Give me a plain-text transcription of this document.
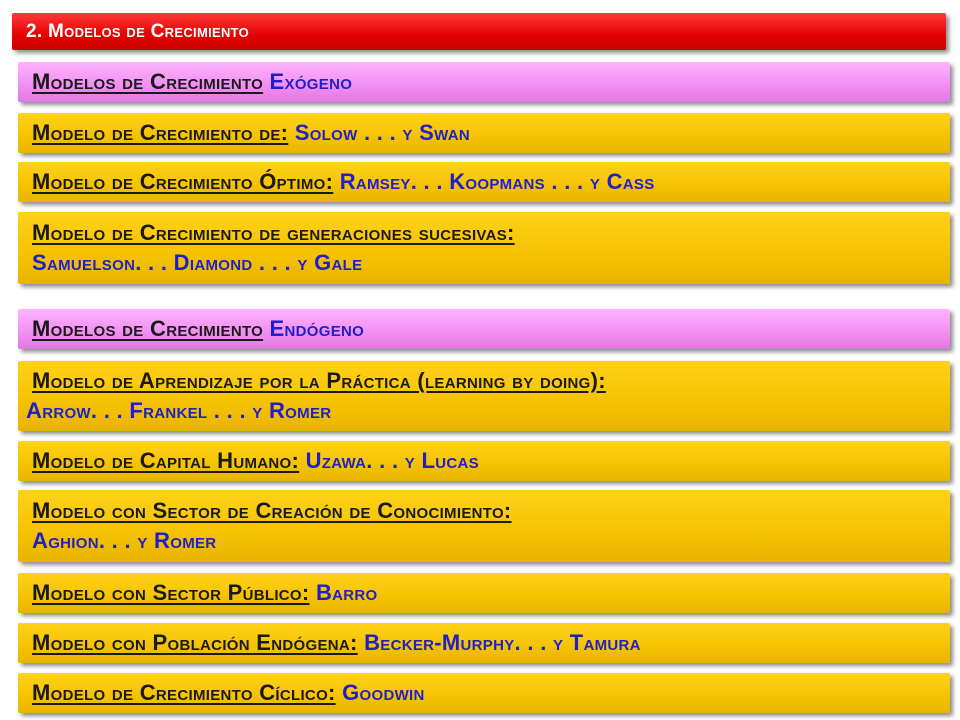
2. Modelos de Crecimiento
Modelos de Crecimiento Exógeno
Modelo de Crecimiento de: Solow . . . y Swan
Modelo de Crecimiento Óptimo: Ramsey. . . Koopmans . . . y Cass
Modelo de Crecimiento de generaciones sucesivas:
Samuelson. . . Diamond . . . y Gale
Modelos de Crecimiento Endógeno
Modelo de Aprendizaje por la Práctica (learning by doing):
Arrow. . . Frankel . . . y Romer
Modelo de Capital Humano: Uzawa. . . y Lucas
Modelo con Sector de Creación de Conocimiento:
Aghion. . . y Romer
Modelo con Sector Público: Barro
Modelo con Población Endógena: Becker-Murphy. . . y Tamura
Modelo de Crecimiento Cíclico: Goodwin
